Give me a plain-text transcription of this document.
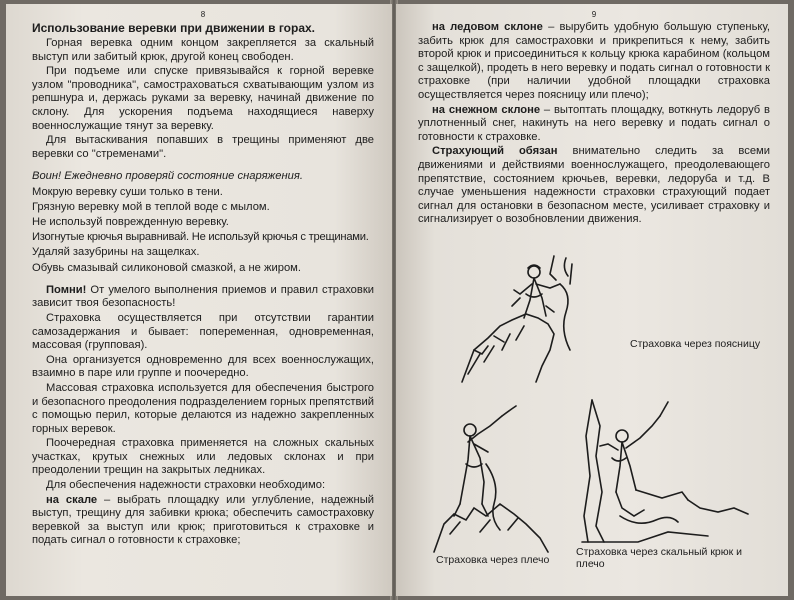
8
Использование веревки при движении в горах.

Горная веревка одним концом закрепляется за скальный выступ или забитый крюк, другой конец свободен.

При подъеме или спуске привязывайся к горной веревке узлом "проводника", самостраховаться схватывающим узлом из репшнура и, держась руками за веревку, начинай движение по склону. Для ускорения подъема находящиеся наверху военнослужащие тянут за веревку.

Для вытаскивания попавших в трещины применяют две веревки со "стременами".

Воин! Ежедневно проверяй состояние снаряжения.
Мокрую веревку суши только в тени.
Грязную веревку мой в теплой воде с мылом.
Не используй поврежденную веревку.
Изогнутые крючья выравнивай. Не используй крючья с трещинами.
Удаляй зазубрины на защелках.
Обувь смазывай силиконовой смазкой, а не жиром.

Помни! От умелого выполнения приемов и правил страховки зависит твоя безопасность!

Страховка осуществляется при отсутствии гарантии самозадержания и бывает: попеременная, одновременная, массовая (групповая).

Она организуется одновременно для всех военнослужащих, взаимно в паре или группе и поочередно.

Массовая страховка используется для обеспечения быстрого и безопасного преодоления подразделением горных препятствий с помощью перил, которые делаются из надежно закрепленных горных веревок.

Поочередная страховка применяется на сложных скальных участках, крутых снежных или ледовых склонах и при преодолении трещин на закрытых ледниках.

Для обеспечения надежности страховки необходимо:

на скале – выбрать площадку или углубление, надежный выступ, трещину для забивки крюка; обеспечить самостраховку веревкой за выступ или крюк; приготовиться к страховке и подать сигнал о готовности к страховке;

9

на ледовом склоне – вырубить удобную большую ступеньку, забить крюк для самостраховки и прикрепиться к нему, забить второй крюк и присоединиться к кольцу крюка карабином (кольцом с защелкой), продеть в него веревку и подать сигнал о готовности к страховке (при наличии удобной площадки страховка осуществляется через поясницу или плечо);

на снежном склоне – вытоптать площадку, воткнуть ледоруб в уплотненный снег, накинуть на него веревку и подать сигнал о готовности к страховке.

Страхующий обязан внимательно следить за всеми движениями и действиями военнослужащего, преодолевающего препятствие, состоянием крючьев, веревки, ледоруба и т.д. В случае уменьшения надежности страховки страхующий подает сигнал для остановки в безопасном месте, усиливает страховку и сигнализирует о возобновлении движения.

Страховка через поясницу
Страховка через плечо
Страховка через скальный крюк и плечо
